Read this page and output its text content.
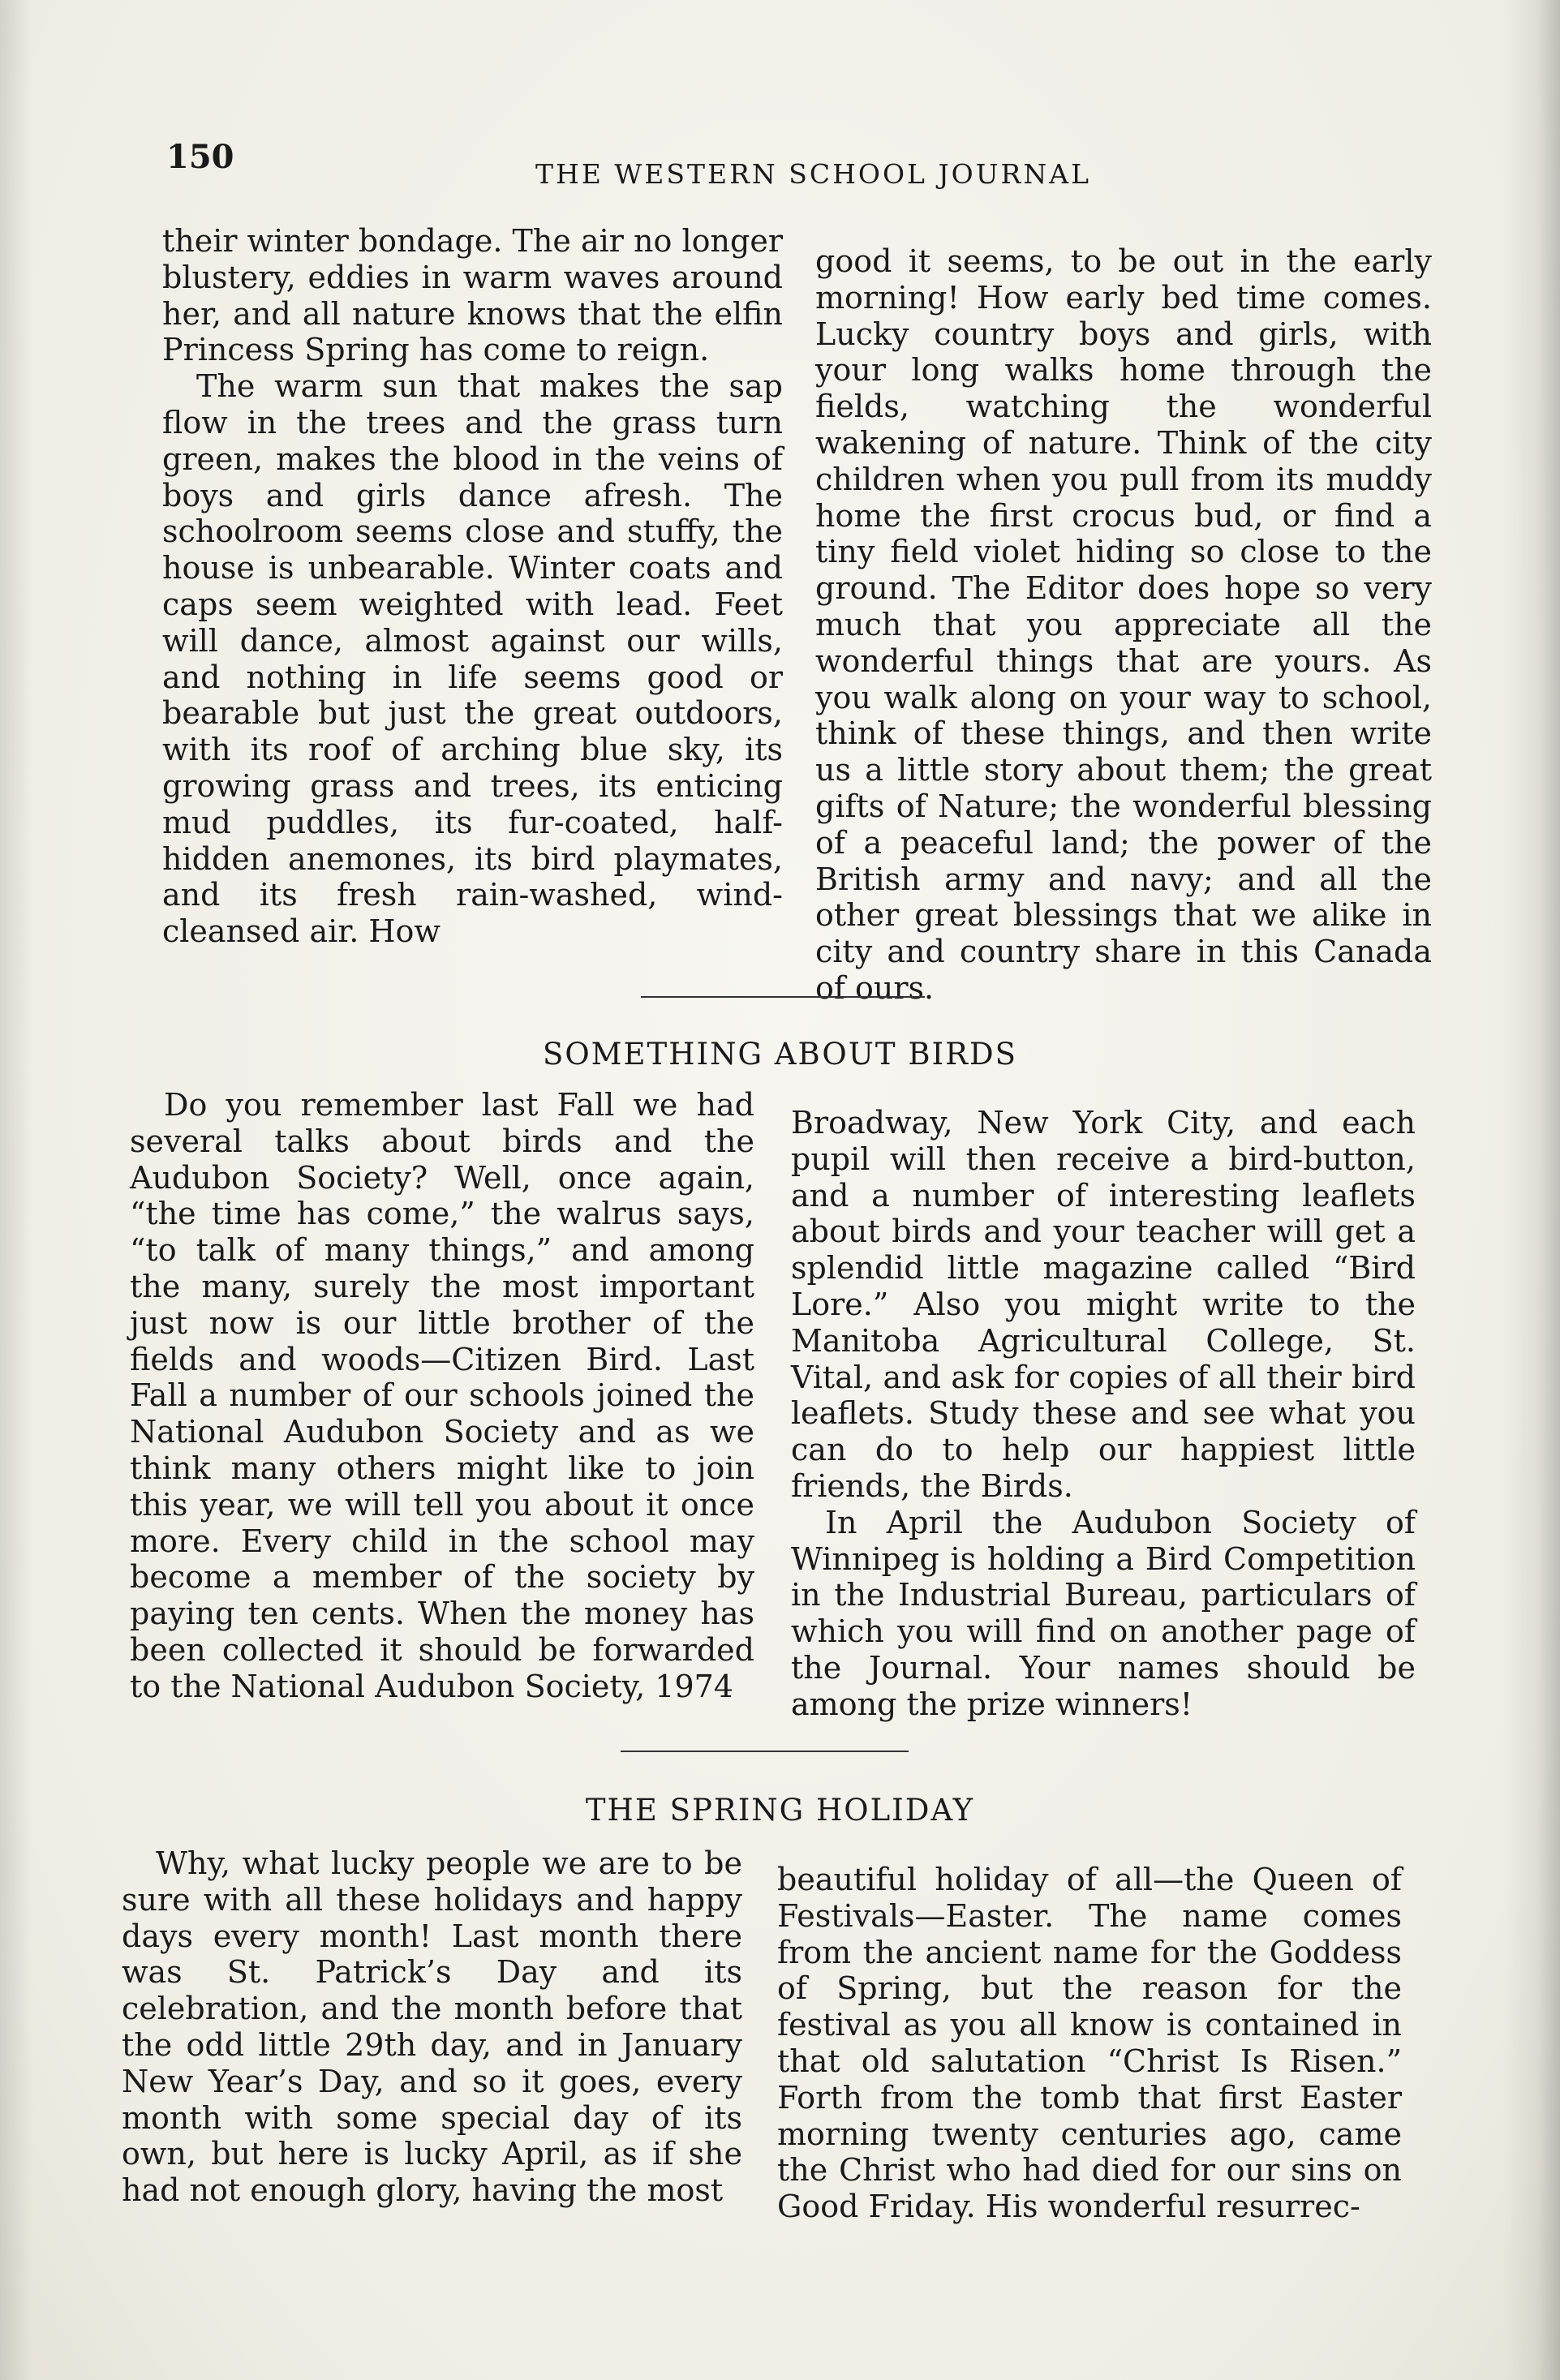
150	THE WESTERN SCHOOL JOURNAL

their winter bondage. The air no longer blustery, eddies in warm waves around her, and all nature knows that the elfin Princess Spring has come to reign.

The warm sun that makes the sap flow in the trees and the grass turn green, makes the blood in the veins of boys and girls dance afresh. The schoolroom seems close and stuffy, the house is unbearable. Winter coats and caps seem weighted with lead. Feet will dance, almost against our wills, and nothing in life seems good or bearable but just the great outdoors, with its roof of arching blue sky, its growing grass and trees, its enticing mud puddles, its fur-coated, half-hidden anemones, its bird playmates, and its fresh rain-washed, wind-cleansed air. How

good it seems, to be out in the early morning! How early bed time comes. Lucky country boys and girls, with your long walks home through the fields, watching the wonderful wakening of nature. Think of the city children when you pull from its muddy home the first crocus bud, or find a tiny field violet hiding so close to the ground. The Editor does hope so very much that you appreciate all the wonderful things that are yours. As you walk along on your way to school, think of these things, and then write us a little story about them; the great gifts of Nature; the wonderful blessing of a peaceful land; the power of the British army and navy; and all the other great blessings that we alike in city and country share in this Canada of ours.

SOMETHING ABOUT BIRDS

Do you remember last Fall we had several talks about birds and the Audubon Society? Well, once again, “the time has come,” the walrus says, “to talk of many things,” and among the many, surely the most important just now is our little brother of the fields and woods—Citizen Bird. Last Fall a number of our schools joined the National Audubon Society and as we think many others might like to join this year, we will tell you about it once more. Every child in the school may become a member of the society by paying ten cents. When the money has been collected it should be forwarded to the National Audubon Society, 1974

Broadway, New York City, and each pupil will then receive a bird-button, and a number of interesting leaflets about birds and your teacher will get a splendid little magazine called “Bird Lore.” Also you might write to the Manitoba Agricultural College, St. Vital, and ask for copies of all their bird leaflets. Study these and see what you can do to help our happiest little friends, the Birds.

In April the Audubon Society of Winnipeg is holding a Bird Competition in the Industrial Bureau, particulars of which you will find on another page of the Journal. Your names should be among the prize winners!

THE SPRING HOLIDAY

Why, what lucky people we are to be sure with all these holidays and happy days every month! Last month there was St. Patrick’s Day and its celebration, and the month before that the odd little 29th day, and in January New Year’s Day, and so it goes, every month with some special day of its own, but here is lucky April, as if she had not enough glory, having the most

beautiful holiday of all—the Queen of Festivals—Easter. The name comes from the ancient name for the Goddess of Spring, but the reason for the festival as you all know is contained in that old salutation “Christ Is Risen.” Forth from the tomb that first Easter morning twenty centuries ago, came the Christ who had died for our sins on Good Friday. His wonderful resurrec-
